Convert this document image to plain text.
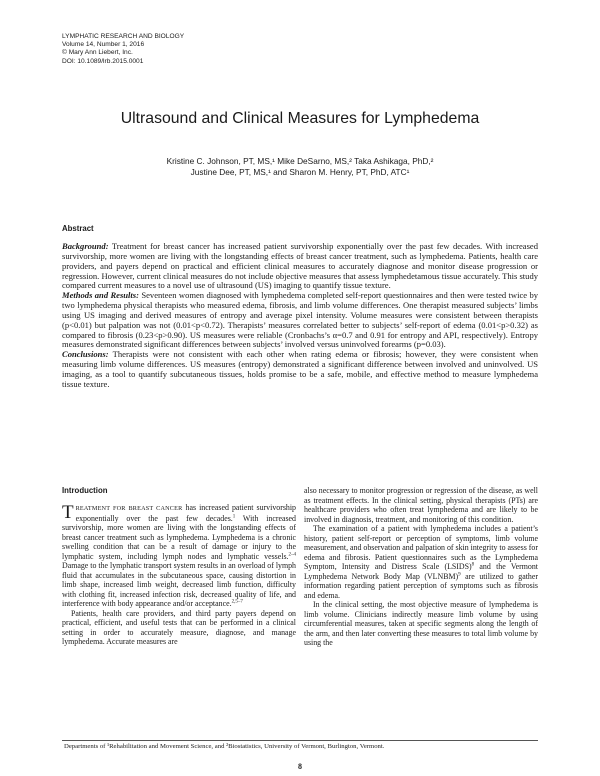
LYMPHATIC RESEARCH AND BIOLOGY
Volume 14, Number 1, 2016
© Mary Ann Liebert, Inc.
DOI: 10.1089/lrb.2015.0001
Ultrasound and Clinical Measures for Lymphedema
Kristine C. Johnson, PT, MS,¹ Mike DeSarno, MS,² Taka Ashikaga, PhD,²
Justine Dee, PT, MS,¹ and Sharon M. Henry, PT, PhD, ATC¹
Abstract

Background: Treatment for breast cancer has increased patient survivorship exponentially over the past few decades. With increased survivorship, more women are living with the longstanding effects of breast cancer treatment, such as lymphedema. Patients, health care providers, and payers depend on practical and efficient clinical measures to accurately diagnose and monitor disease progression or regression. However, current clinical measures do not include objective measures that assess lymphedetamous tissue accurately. This study compared current measures to a novel use of ultrasound (US) imaging to quantify tissue texture.

Methods and Results: Seventeen women diagnosed with lymphedema completed self-report questionnaires and then were tested twice by two lymphedema physical therapists who measured edema, fibrosis, and limb volume differences. One therapist measured subjects’ limbs using US imaging and derived measures of entropy and average pixel intensity. Volume measures were consistent between therapists (p<0.01) but palpation was not (0.01<p<0.72). Therapists’ measures correlated better to subjects’ self-report of edema (0.01<p>0.32) as compared to fibrosis (0.23<p>0.90). US measures were reliable (Cronbachs’s α=0.7 and 0.91 for entropy and API, respectively). Entropy measures demonstrated significant differences between subjects’ involved versus uninvolved forearms (p=0.03).

Conclusions: Therapists were not consistent with each other when rating edema or fibrosis; however, they were consistent when measuring limb volume differences. US measures (entropy) demonstrated a significant difference between involved and uninvolved. US imaging, as a tool to quantify subcutaneous tissues, holds promise to be a safe, mobile, and effective method to measure lymphedema tissue texture.

Introduction

TREATMENT FOR BREAST CANCER has increased patient survivorship exponentially over the past few decades.$^1$ With increased survivorship, more women are living with the longstanding effects of breast cancer treatment such as lymphedema. Lymphedema is a chronic swelling condition that can be a result of damage or injury to the lymphatic system, including lymph nodes and lymphatic vessels.$^{2-4}$ Damage to the lymphatic transport system results in an overload of lymph fluid that accumulates in the subcutaneous space, causing distortion in limb shape, increased limb weight, decreased limb function, difficulty with clothing fit, increased infection risk, decreased quality of life, and interference with body appearance and/or acceptance.$^{2,5-7}$

Patients, health care providers, and third party payers depend on practical, efficient, and useful tests that can be performed in a clinical setting in order to accurately measure, diagnose, and manage lymphedema. Accurate measures are

also necessary to monitor progression or regression of the disease, as well as treatment effects. In the clinical setting, physical therapists (PTs) are healthcare providers who often treat lymphedema and are likely to be involved in diagnosis, treatment, and monitoring of this condition.

The examination of a patient with lymphedema includes a patient’s history, patient self-report or perception of symptoms, limb volume measurement, and observation and palpation of skin integrity to assess for edema and fibrosis. Patient questionnaires such as the Lymphedema Symptom, Intensity and Distress Scale (LSIDS)$^8$ and the Vermont Lymphedema Network Body Map (VLNBM)$^9$ are utilized to gather information regarding patient perception of symptoms such as fibrosis and edema.

In the clinical setting, the most objective measure of lymphedema is limb volume. Clinicians indirectly measure limb volume by using circumferential measures, taken at specific segments along the length of the arm, and then later converting these measures to total limb volume by using the

Departments of ¹Rehabilitation and Movement Science, and ²Biostatistics, University of Vermont, Burlington, Vermont.
8
